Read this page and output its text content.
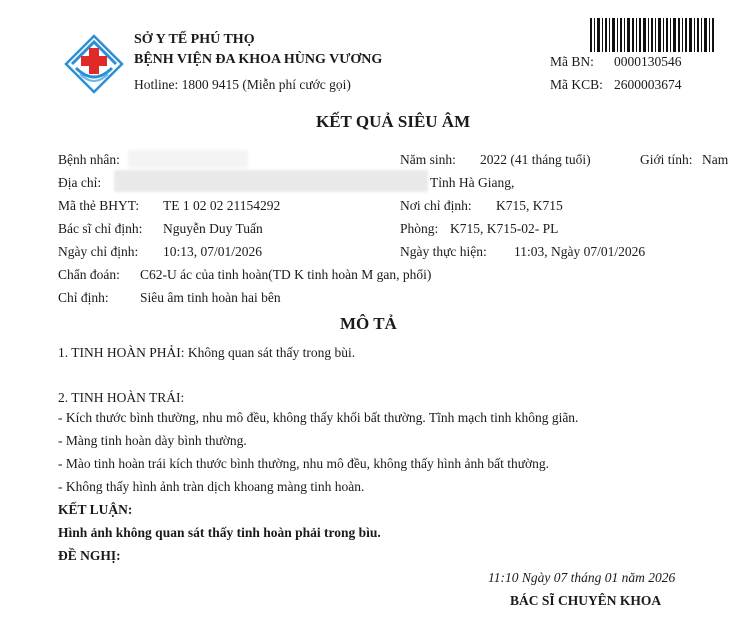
SỞ Y TẾ PHÚ THỌ
BỆNH VIỆN ĐA KHOA HÙNG VƯƠNG
Hotline: 1800 9415 (Miễn phí cước gọi)
Mã BN: 0000130546
Mã KCB: 2600003674
KẾT QUẢ SIÊU ÂM
Bệnh nhân:	Năm sinh: 2022 (41 tháng tuổi)	Giới tính: Nam
Địa chỉ:	Tỉnh Hà Giang,
Mã thẻ BHYT: TE 1 02 02 21154292	Nơi chỉ định: K715, K715
Bác sĩ chỉ định: Nguyễn Duy Tuấn	Phòng: K715, K715-02- PL
Ngày chỉ định: 10:13, 07/01/2026	Ngày thực hiện: 11:03, Ngày 07/01/2026
Chẩn đoán: C62-U ác của tinh hoàn(TD K tinh hoàn M gan, phổi)
Chỉ định: Siêu âm tinh hoàn hai bên
MÔ TẢ
1. TINH HOÀN PHẢI: Không quan sát thấy trong bùi.
2. TINH HOÀN TRÁI:
- Kích thước bình thường, nhu mô đều, không thấy khối bất thường. Tĩnh mạch tinh không giãn.
- Màng tinh hoàn dày bình thường.
- Mào tinh hoàn trái kích thước bình thường, nhu mô đều, không thấy hình ảnh bất thường.
- Không thấy hình ảnh tràn dịch khoang màng tinh hoàn.
KẾT LUẬN:
Hình ảnh không quan sát thấy tinh hoàn phải trong bìu.
ĐỀ NGHỊ:
11:10 Ngày 07 tháng 01 năm 2026
BÁC SĨ CHUYÊN KHOA
